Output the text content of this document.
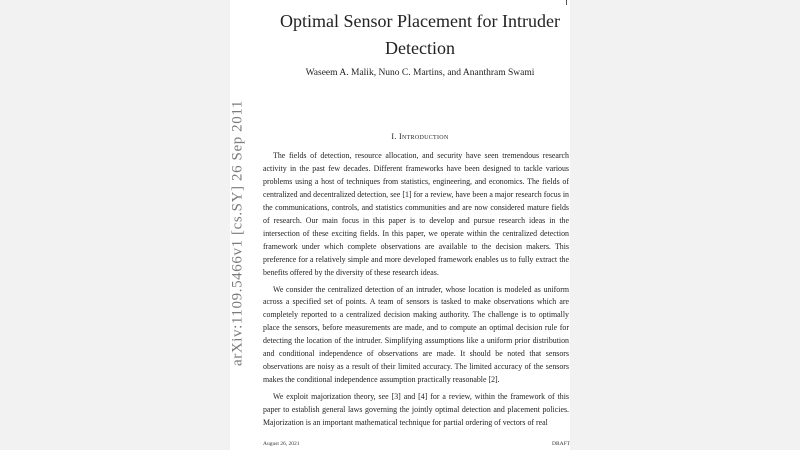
Optimal Sensor Placement for Intruder Detection
Waseem A. Malik, Nuno C. Martins, and Ananthram Swami
I. Introduction

The fields of detection, resource allocation, and security have seen tremendous research activity in the past few decades. Different frameworks have been designed to tackle various problems using a host of techniques from statistics, engineering, and economics. The fields of centralized and decentralized detection, see [1] for a review, have been a major research focus in the communications, controls, and statistics communities and are now considered mature fields of research. Our main focus in this paper is to develop and pursue research ideas in the intersection of these exciting fields. In this paper, we operate within the centralized detection framework under which complete observations are available to the decision makers. This preference for a relatively simple and more developed framework enables us to fully extract the benefits offered by the diversity of these research ideas.

We consider the centralized detection of an intruder, whose location is modeled as uniform across a specified set of points. A team of sensors is tasked to make observations which are completely reported to a centralized decision making authority. The challenge is to optimally place the sensors, before measurements are made, and to compute an optimal decision rule for detecting the location of the intruder. Simplifying assumptions like a uniform prior distribution and conditional independence of observations are made. It should be noted that sensors observations are noisy as a result of their limited accuracy. The limited accuracy of the sensors makes the conditional independence assumption practically reasonable [2].

We exploit majorization theory, see [3] and [4] for a review, within the framework of this paper to establish general laws governing the jointly optimal detection and placement policies. Majorization is an important mathematical technique for partial ordering of vectors of real

August 26, 2021	DRAFT
arXiv:1109.5466v1 [cs.SY] 26 Sep 2011
